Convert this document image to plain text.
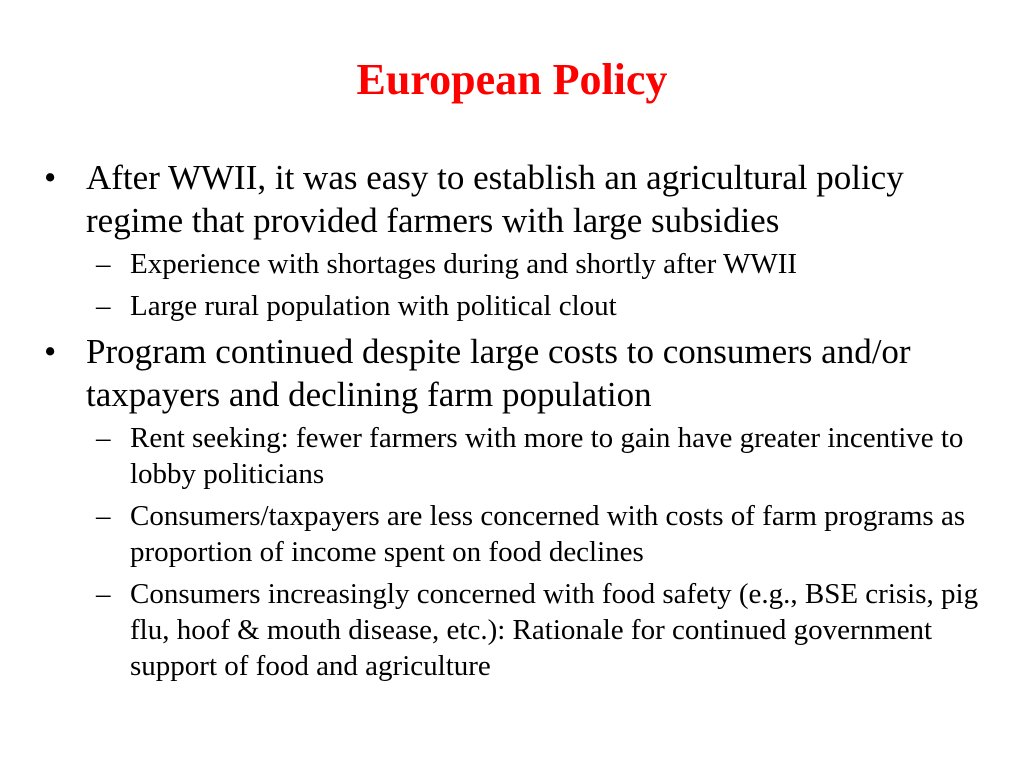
European Policy
• After WWII, it was easy to establish an agricultural policy regime that provided farmers with large subsidies
– Experience with shortages during and shortly after WWII
– Large rural population with political clout
• Program continued despite large costs to consumers and/or taxpayers and declining farm population
– Rent seeking: fewer farmers with more to gain have greater incentive to lobby politicians
– Consumers/taxpayers are less concerned with costs of farm programs as proportion of income spent on food declines
– Consumers increasingly concerned with food safety (e.g., BSE crisis, pig flu, hoof & mouth disease, etc.): Rationale for continued government support of food and agriculture
